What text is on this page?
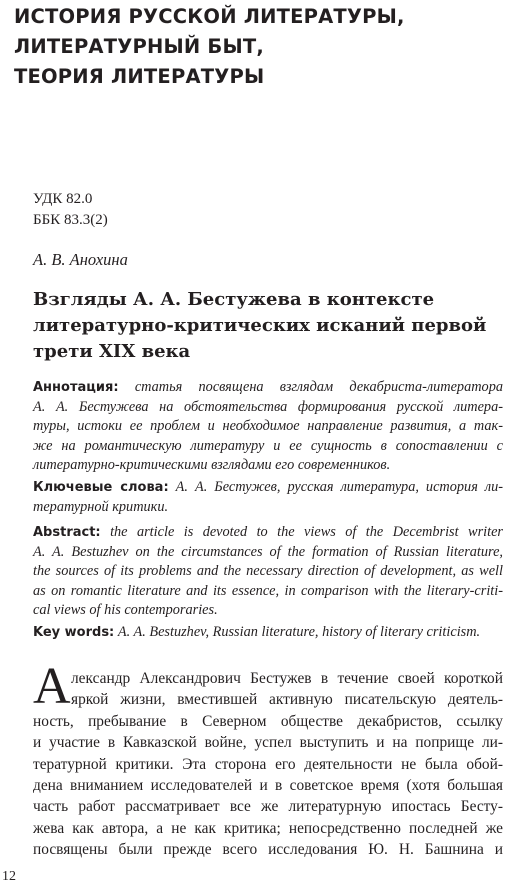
ИСТОРИЯ РУССКОЙ ЛИТЕРАТУРЫ,
ЛИТЕРАТУРНЫЙ БЫТ,
ТЕОРИЯ ЛИТЕРАТУРЫ
УДК 82.0
ББК 83.3(2)
А. В. Анохина
Взгляды А. А. Бестужева в контексте
литературно-критических исканий первой
трети XIX века
Аннотация: статья посвящена взглядам декабриста-литератора
А. А. Бестужева на обстоятельства формирования русской литера-
туры, истоки ее проблем и необходимое направление развития, а так-
же на романтическую литературу и ее сущность в сопоставлении с
литературно-критическими взглядами его современников.
Ключевые слова: А. А. Бестужев, русская литература, история ли-
тературной критики.
Abstract: the article is devoted to the views of the Decembrist writer
A. A. Bestuzhev on the circumstances of the formation of Russian literature,
the sources of its problems and the necessary direction of development, as well
as on romantic literature and its essence, in comparison with the literary-criti-
cal views of his contemporaries.
Key words: A. A. Bestuzhev, Russian literature, history of literary criticism.
А лександр Александрович Бестужев в течение своей короткой
яркой жизни, вместившей активную писательскую деятель-
ность, пребывание в Северном обществе декабристов, ссылку
и участие в Кавказской войне, успел выступить и на поприще ли-
тературной критики. Эта сторона его деятельности не была обой-
дена вниманием исследователей и в советское время (хотя большая
часть работ рассматривает все же литературную ипостась Бесту-
жева как автора, а не как критика; непосредственно последней же
посвящены были прежде всего исследования Ю. Н. Башнина и
12
